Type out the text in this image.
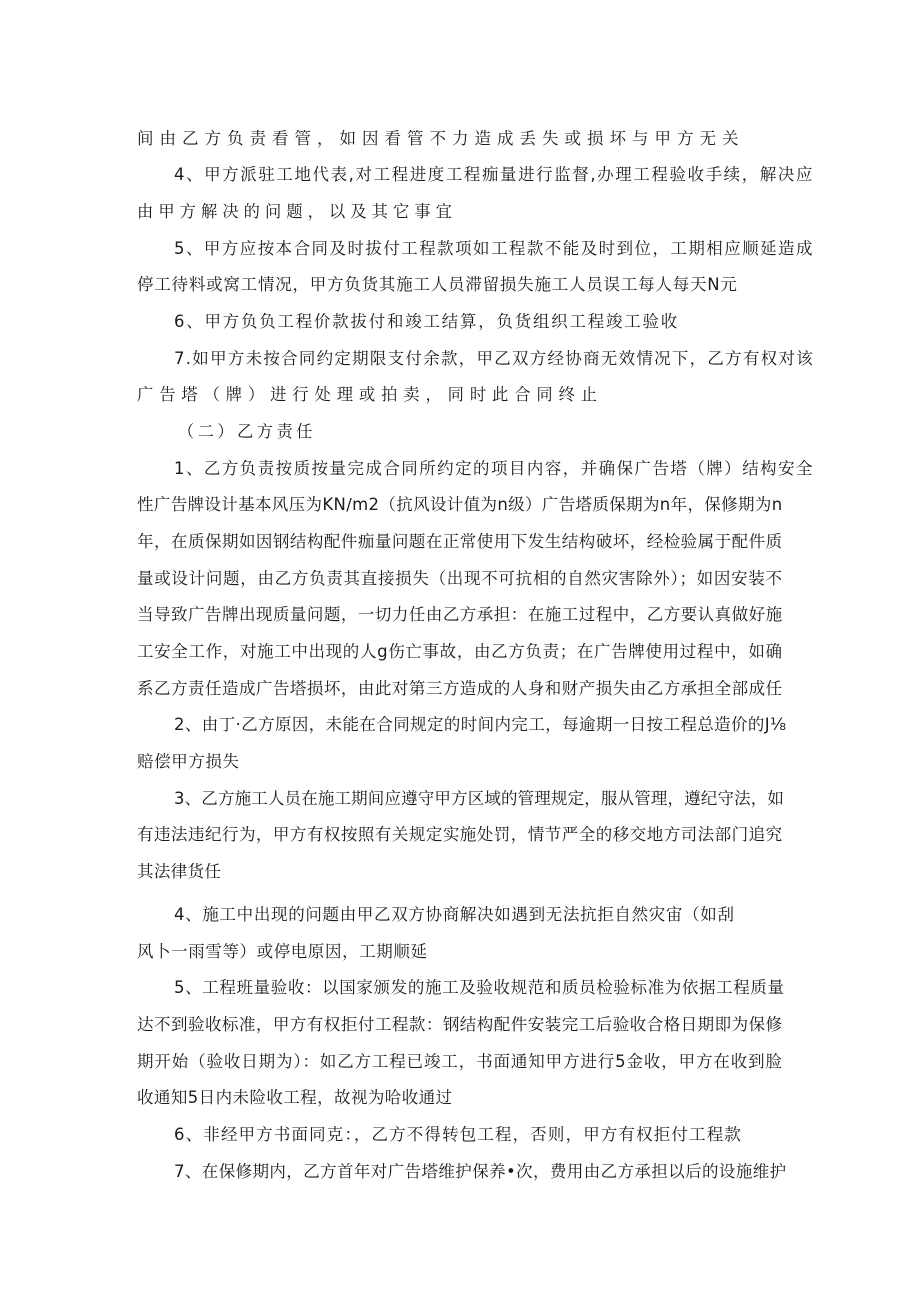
间由乙方负责看管，如因看管不力造成丢失或损坏与甲方无关
4、甲方派驻工地代表,对工程进度工程痂量进行监督,办理工程验收手续，解决应
由甲方解决的问题，以及其它事宜
5、甲方应按本合同及时拔付工程款项如工程款不能及时到位，工期相应顺延造成
停工待料或窝工情况，甲方负货其施工人员滞留损失施工人员误工每人每天N元
6、甲方负负工程价款拔付和竣工结算，负货组织工程竣工验收
7.如甲方未按合同约定期限支付余款，甲乙双方经协商无效情况下，乙方有权对该
广告塔（牌）进行处理或拍卖，同时此合同终止
（二）乙方责任
1、乙方负责按质按量完成合同所约定的项目内容，并确保广告塔（牌）结构安全
性广告牌设计基本风压为KN∕m2（抗风设计值为n级）广告塔质保期为n年，保修期为n
年，在质保期如因钢结构配件痂量问题在正常使用下发生结构破坏，经检验属于配件质
量或设计问题，由乙方负责其直接损失（出现不可抗相的自然灾害除外）；如因安装不
当导致广告牌出现质量问题，一切力任由乙方承担：在施工过程中，乙方要认真做好施
工安全工作，对施工中出现的人g伤亡事故，由乙方负责；在广告牌使用过程中，如确
系乙方责任造成广告塔损坏，由此对第三方造成的人身和财产损失由乙方承担全部成任
2、由丁·乙方原因，未能在合同规定的时间内完工，每逾期一日按工程总造价的J⅛
赔偿甲方损失
3、乙方施工人员在施工期间应遵守甲方区域的管理规定，服从管理，遵纪守法，如
有违法违纪行为，甲方有权按照有关规定实施处罚，情节严全的移交地方司法部门追究
其法律货任
4、施工中出现的问题由甲乙双方协商解决如遇到无法抗拒自然灾宙（如刮
风卜一雨雪等）或停电原因，工期顺延
5、工程班量验收：以国家颁发的施工及验收规范和质员检验标准为依据工程质量
达不到验收标准，甲方有权拒付工程款：钢结构配件安装完工后验收合格日期即为保修
期开始（验收日期为）：如乙方工程已竣工，书面通知甲方进行5金收，甲方在收到脸
收通知5日内未险收工程，故视为哈收通过
6、非经甲方书面同克：，乙方不得转包工程，否则，甲方有权拒付工程款
7、在保修期内，乙方首年对广告塔维护保养•次，费用由乙方承担以后的设施维护
